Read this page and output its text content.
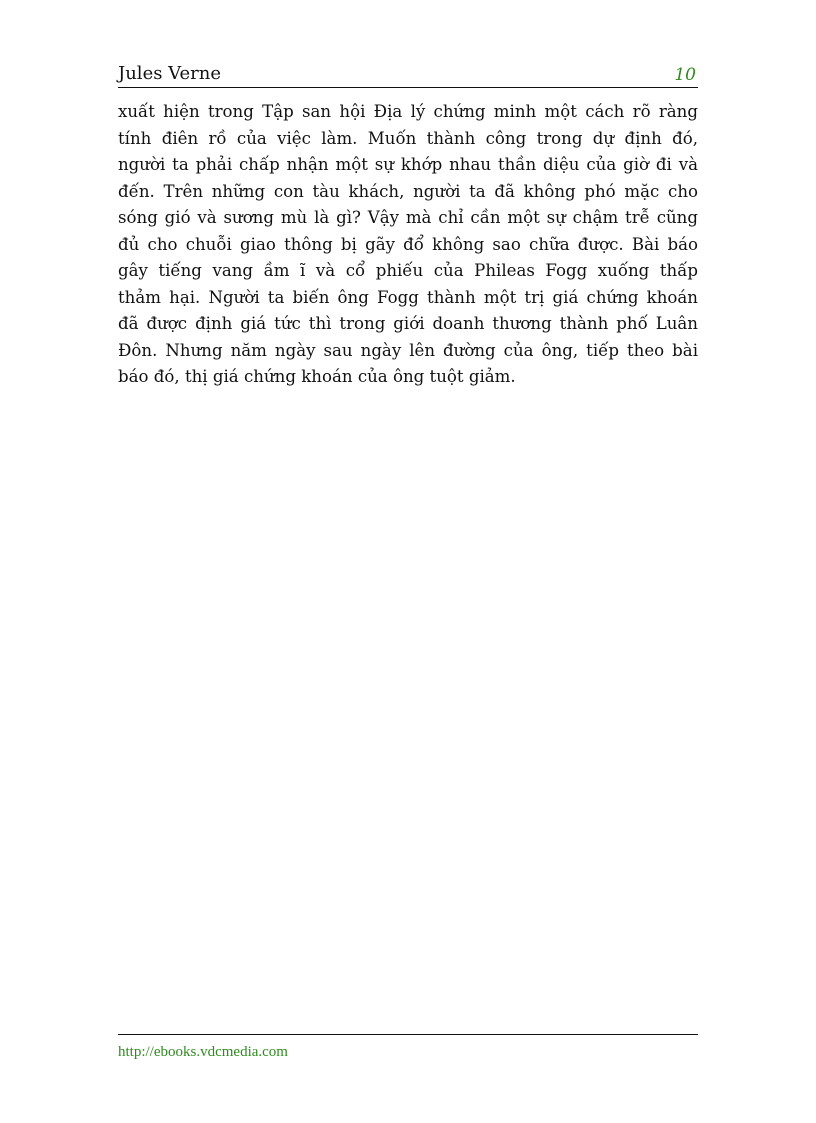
Jules Verne	10
xuất hiện trong Tập san hội Địa lý chứng minh một cách rõ ràng
tính điên rồ của việc làm. Muốn thành công trong dự định đó,
người ta phải chấp nhận một sự khớp nhau thần diệu của giờ đi và
đến. Trên những con tàu khách, người ta đã không phó mặc cho
sóng gió và sương mù là gì? Vậy mà chỉ cần một sự chậm trễ cũng
đủ cho chuỗi giao thông bị gãy đổ không sao chữa được. Bài báo
gây tiếng vang ầm ĩ và cổ phiếu của Phileas Fogg xuống thấp
thảm hại. Người ta biến ông Fogg thành một trị giá chứng khoán
đã được định giá tức thì trong giới doanh thương thành phố Luân
Đôn. Nhưng năm ngày sau ngày lên đường của ông, tiếp theo bài
báo đó, thị giá chứng khoán của ông tuột giảm.
http://ebooks.vdcmedia.com
